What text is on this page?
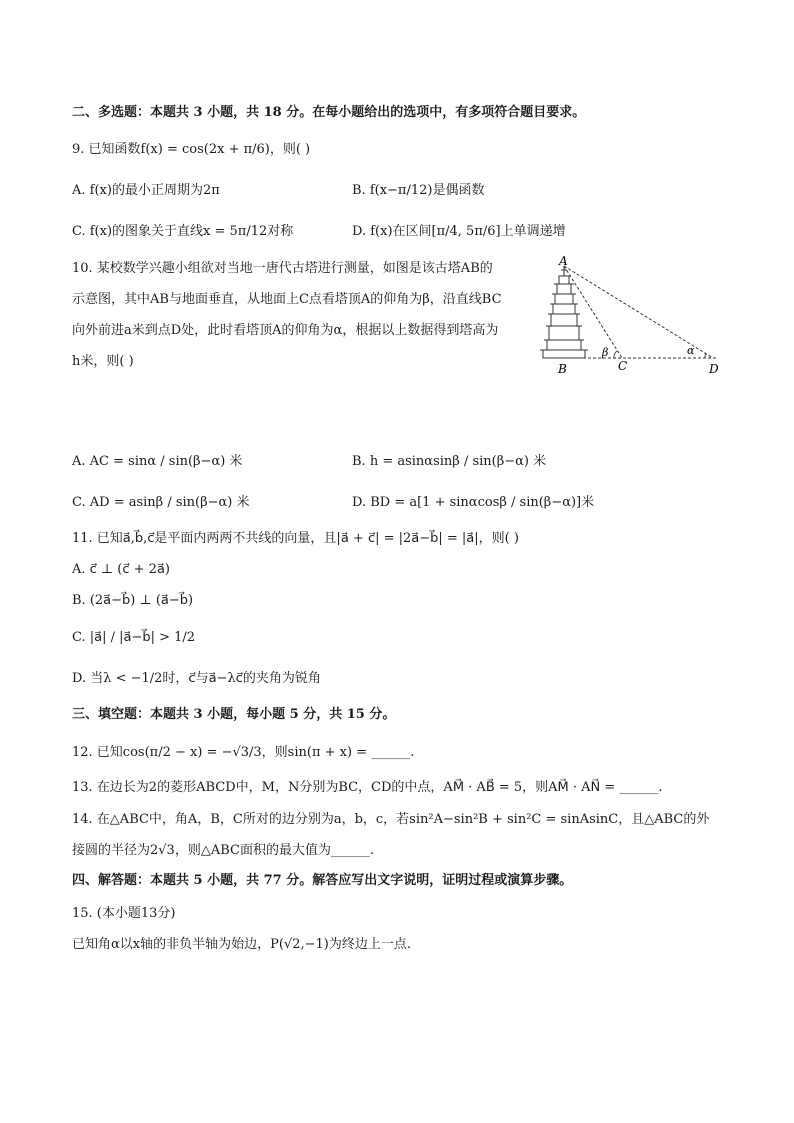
二、多选题：本题共 3 小题，共 18 分。在每小题给出的选项中，有多项符合题目要求。
9. 已知函数f(x) = cos(2x + π/6)，则( )
A. f(x)的最小正周期为2π	B. f(x−π/12)是偶函数
C. f(x)的图象关于直线x = 5π/12对称	D. f(x)在区间[π/4, 5π/6]上单调递增
10. 某校数学兴趣小组欲对当地一唐代古塔进行测量，如图是该古塔AB的
示意图，其中AB与地面垂直，从地面上C点看塔顶A的仰角为β，沿直线BC
向外前进a米到点D处，此时看塔顶A的仰角为α，根据以上数据得到塔高为
h米，则( )
A
B	C	D
β	α
A. AC = sinα / sin(β−α) 米	B. h = asinαsinβ / sin(β−α) 米
C. AD = asinβ / sin(β−α) 米	D. BD = a[1 + sinαcosβ / sin(β−α)]米
11. 已知a⃗,b⃗,c⃗是平面内两两不共线的向量，且|a⃗ + c⃗| = |2a⃗−b⃗| = |a⃗|，则( )
A. c⃗ ⊥ (c⃗ + 2a⃗)
B. (2a⃗−b⃗) ⊥ (a⃗−b⃗)
C. |a⃗| / |a⃗−b⃗| > 1/2
D. 当λ < −1/2时，c⃗与a⃗−λc⃗的夹角为锐角
三、填空题：本题共 3 小题，每小题 5 分，共 15 分。
12. 已知cos(π/2 − x) = −√3/3，则sin(π + x) = ______.
13. 在边长为2的菱形ABCD中，M，N分别为BC，CD的中点，AM⃗ · AB⃗ = 5，则AM⃗ · AN⃗ = ______.
14. 在△ABC中，角A，B，C所对的边分别为a，b，c，若sin²A−sin²B + sin²C = sinAsinC，且△ABC的外
接圆的半径为2√3，则△ABC面积的最大值为______.
四、解答题：本题共 5 小题，共 77 分。解答应写出文字说明，证明过程或演算步骤。
15. (本小题13分)
已知角α以x轴的非负半轴为始边，P(√2,−1)为终边上一点.
